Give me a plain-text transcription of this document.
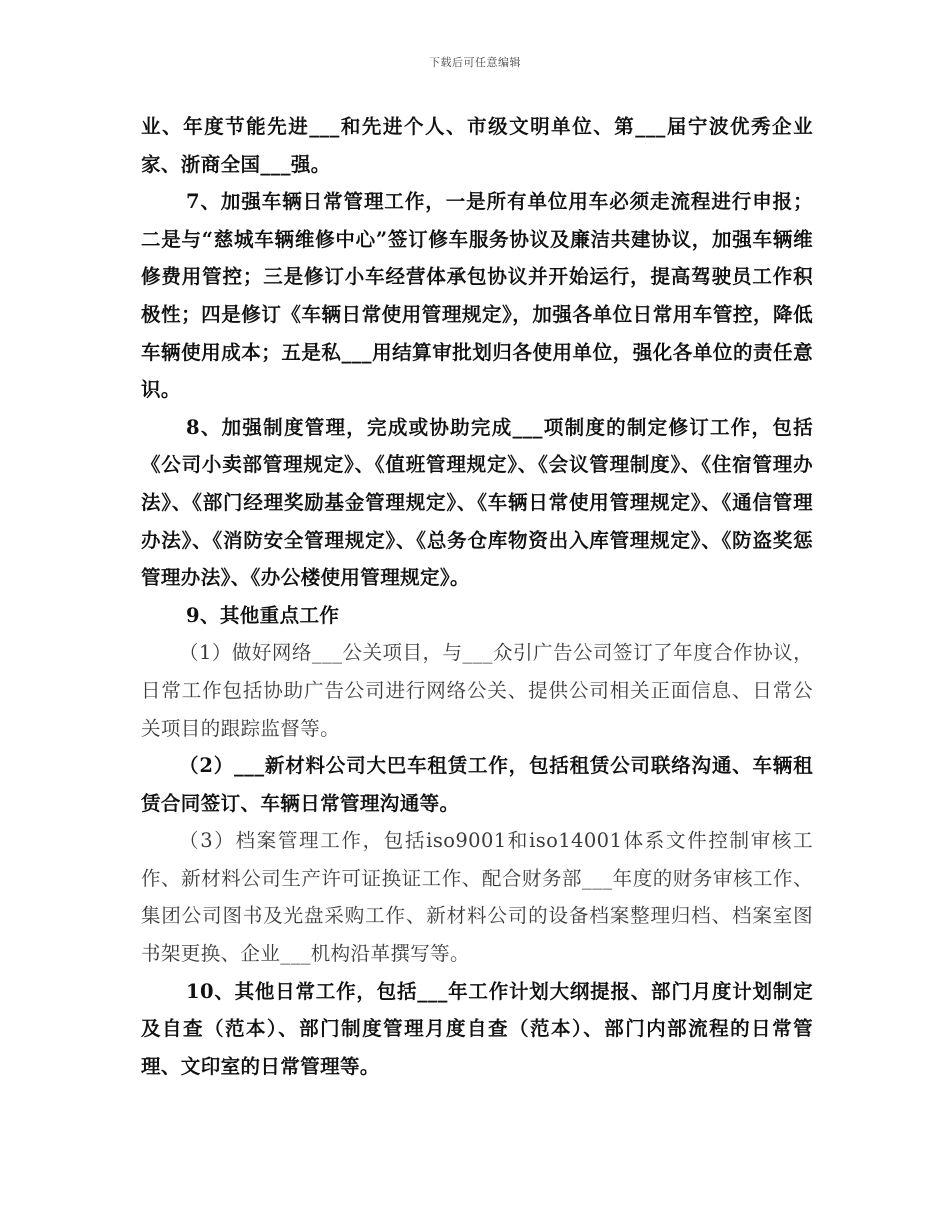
下载后可任意编辑

业、年度节能先进___和先进个人、市级文明单位、第___届宁波优秀企业家、浙商全国___强。

7、加强车辆日常管理工作，一是所有单位用车必须走流程进行申报；二是与“慈城车辆维修中心”签订修车服务协议及廉洁共建协议，加强车辆维修费用管控；三是修订小车经营体承包协议并开始运行，提高驾驶员工作积极性；四是修订《车辆日常使用管理规定》，加强各单位日常用车管控，降低车辆使用成本；五是私___用结算审批划归各使用单位，强化各单位的责任意识。

8、加强制度管理，完成或协助完成___项制度的制定修订工作，包括《公司小卖部管理规定》、《值班管理规定》、《会议管理制度》、《住宿管理办法》、《部门经理奖励基金管理规定》、《车辆日常使用管理规定》、《通信管理办法》、《消防安全管理规定》、《总务仓库物资出入库管理规定》、《防盗奖惩管理办法》、《办公楼使用管理规定》。

9、其他重点工作

（1）做好网络___公关项目，与___众引广告公司签订了年度合作协议，日常工作包括协助广告公司进行网络公关、提供公司相关正面信息、日常公关项目的跟踪监督等。

（2）___新材料公司大巴车租赁工作，包括租赁公司联络沟通、车辆租赁合同签订、车辆日常管理沟通等。

（3）档案管理工作，包括iso9001和iso14001体系文件控制审核工作、新材料公司生产许可证换证工作、配合财务部___年度的财务审核工作、集团公司图书及光盘采购工作、新材料公司的设备档案整理归档、档案室图书架更换、企业___机构沿革撰写等。

10、其他日常工作，包括___年工作计划大纲提报、部门月度计划制定及自查（范本）、部门制度管理月度自查（范本）、部门内部流程的日常管理、文印室的日常管理等。
